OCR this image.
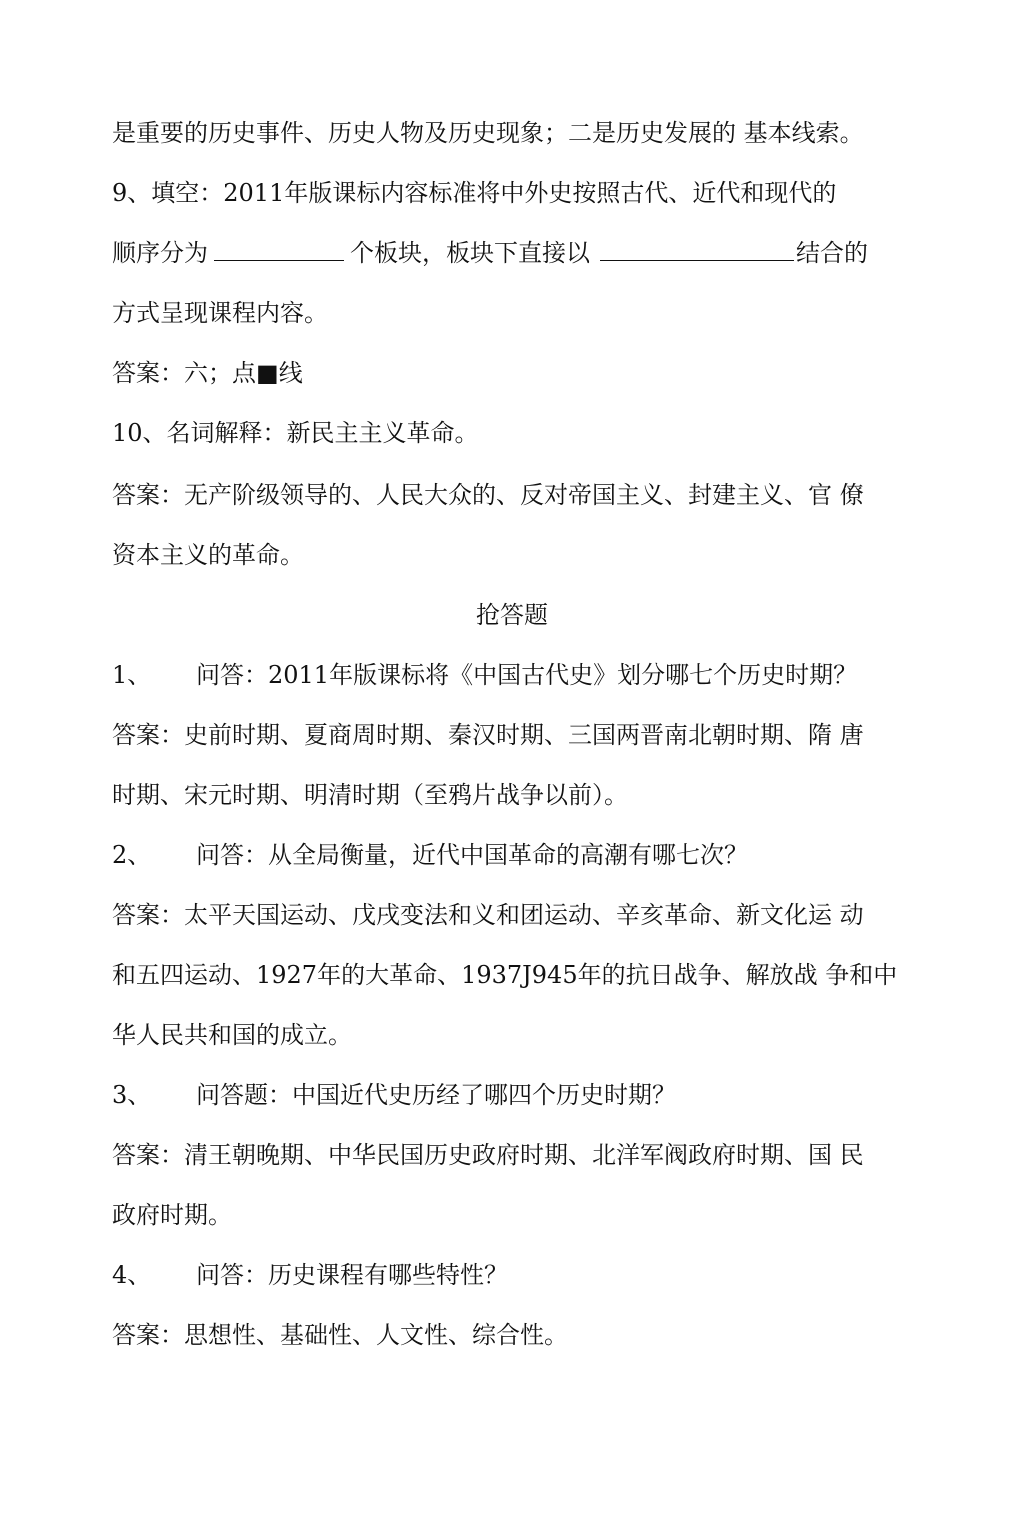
是重要的历史事件、历史人物及历史现象；二是历史发展的 基本线索。
9、填空：2011年版课标内容标准将中外史按照古代、近代和现代的
顺序分为	个板块，板块下直接以	结合的
方式呈现课程内容。
答案：六；点■线
10、名词解释：新民主主义革命。
答案：无产阶级领导的、人民大众的、反对帝国主义、封建主义、官 僚
资本主义的革命。
抢答题
1、 问答：2011年版课标将《中国古代史》划分哪七个历史时期？
答案：史前时期、夏商周时期、秦汉时期、三国两晋南北朝时期、隋 唐
时期、宋元时期、明清时期（至鸦片战争以前）。
2、 问答：从全局衡量，近代中国革命的高潮有哪七次？
答案：太平天国运动、戊戌变法和义和团运动、辛亥革命、新文化运 动
和五四运动、1927年的大革命、1937J945年的抗日战争、解放战 争和中
华人民共和国的成立。
3、 问答题：中国近代史历经了哪四个历史时期？
答案：清王朝晚期、中华民国历史政府时期、北洋军阀政府时期、国 民
政府时期。
4、 问答：历史课程有哪些特性？
答案：思想性、基础性、人文性、综合性。
